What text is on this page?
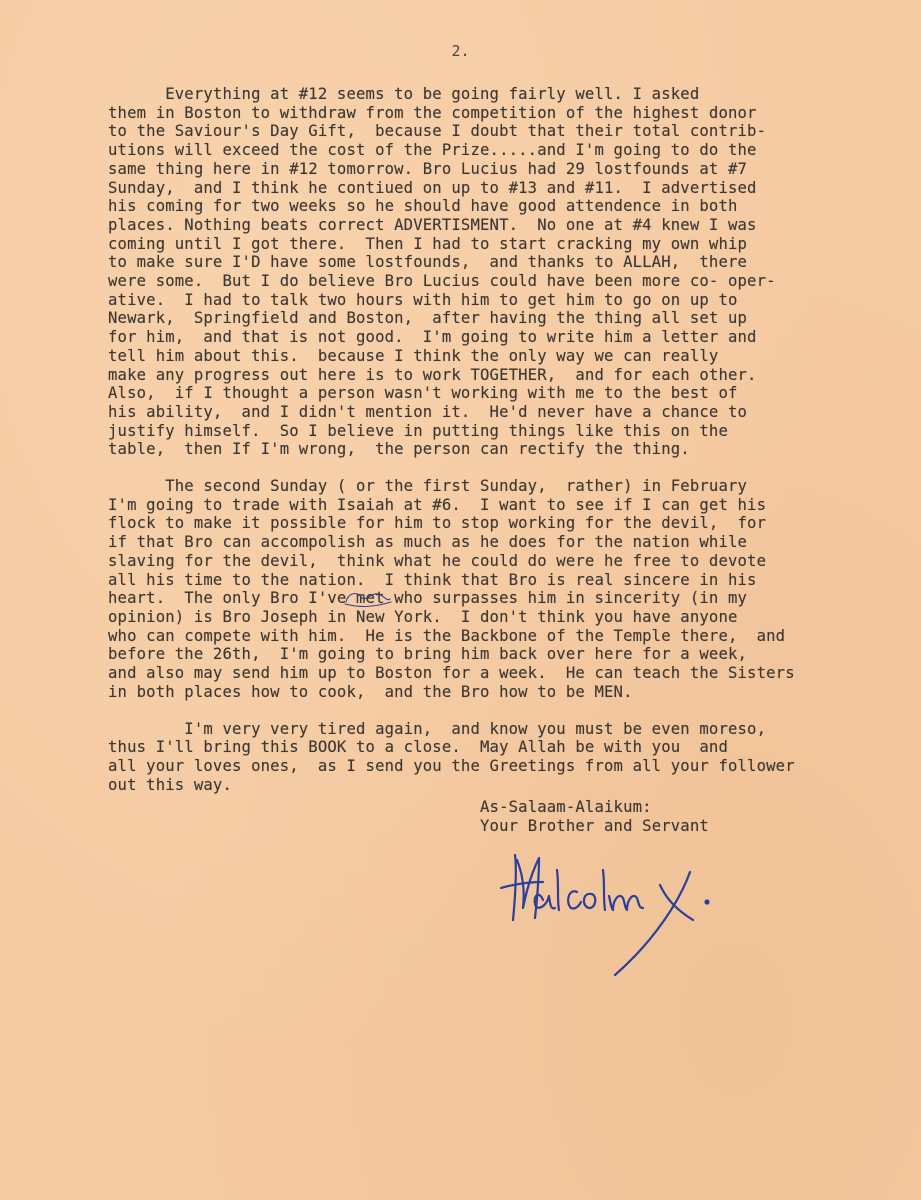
2.
Everything at #12 seems to be going fairly well. I asked
them in Boston to withdraw from the competition of the highest donor
to the Saviour's Day Gift,  because I doubt that their total contrib-
utions will exceed the cost of the Prize.....and I'm going to do the
same thing here in #12 tomorrow. Bro Lucius had 29 lostfounds at #7
Sunday,  and I think he contiued on up to #13 and #11.  I advertised
his coming for two weeks so he should have good attendence in both
places. Nothing beats correct ADVERTISMENT.  No one at #4 knew I was
coming until I got there.  Then I had to start cracking my own whip
to make sure I'D have some lostfounds,  and thanks to ALLAH,  there
were some.  But I do believe Bro Lucius could have been more co- oper-
ative.  I had to talk two hours with him to get him to go on up to
Newark,  Springfield and Boston,  after having the thing all set up
for him,  and that is not good.  I'm going to write him a letter and
tell him about this.  because I think the only way we can really
make any progress out here is to work TOGETHER,  and for each other.
Also,  if I thought a person wasn't working with me to the best of
his ability,  and I didn't mention it.  He'd never have a chance to
justify himself.  So I believe in putting things like this on the
table,  then If I'm wrong,  the person can rectify the thing.
The second Sunday ( or the first Sunday,  rather) in February
I'm going to trade with Isaiah at #6.  I want to see if I can get his
flock to make it possible for him to stop working for the devil,  for
if that Bro can accompolish as much as he does for the nation while
slaving for the devil,  think what he could do were he free to devote
all his time to the nation.  I think that Bro is real sincere in his
heart.  The only Bro I've met who surpasses him in sincerity (in my
opinion) is Bro Joseph in New York.  I don't think you have anyone
who can compete with him.  He is the Backbone of the Temple there,  and
before the 26th,  I'm going to bring him back over here for a week,
and also may send him up to Boston for a week.  He can teach the Sisters
in both places how to cook,  and the Bro how to be MEN.
I'm very very tired again,  and know you must be even moreso,
thus I'll bring this BOOK to a close.  May Allah be with you  and
all your loves ones,  as I send you the Greetings from all your follower
out this way.
As-Salaam-Alaikum:
Your Brother and Servant
